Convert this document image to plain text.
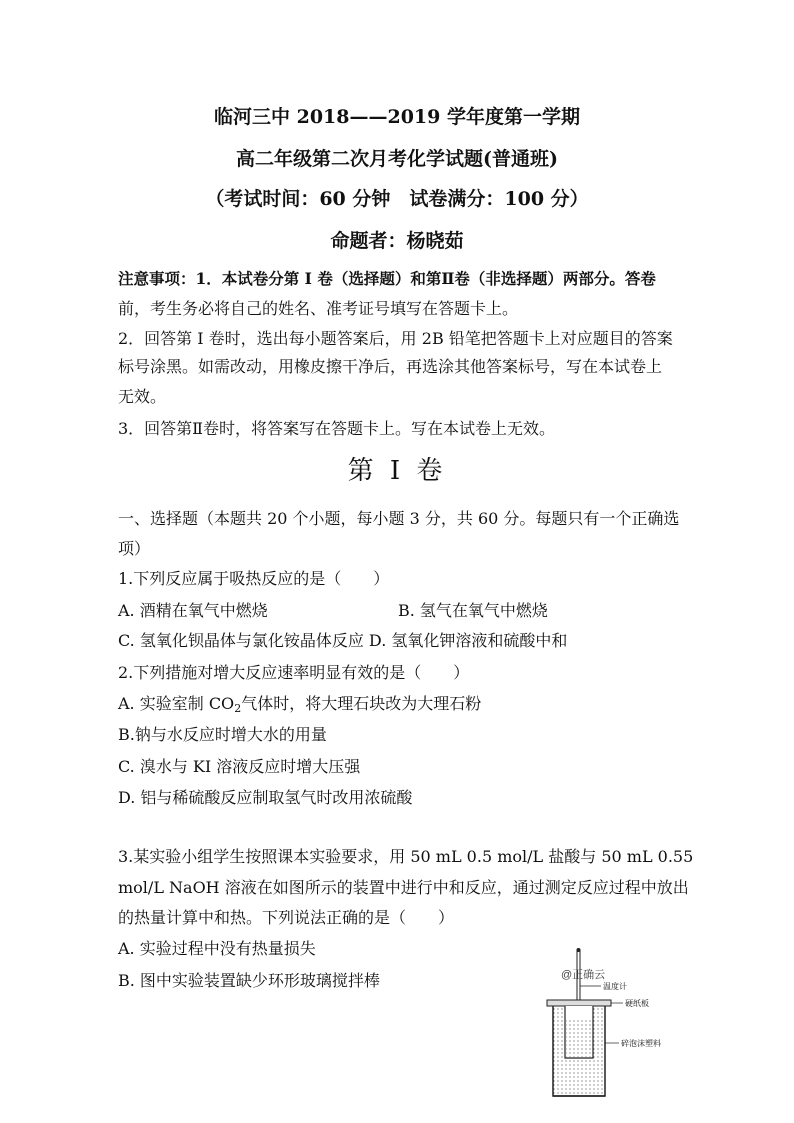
临河三中 2018——2019 学年度第一学期
高二年级第二次月考化学试题(普通班)
（考试时间：60 分钟　试卷满分：100 分）
命题者：杨晓茹
注意事项：1．本试卷分第 I 卷（选择题）和第Ⅱ卷（非选择题）两部分。答卷
前，考生务必将自己的姓名、准考证号填写在答题卡上。
2．回答第 I 卷时，选出每小题答案后，用 2B 铅笔把答题卡上对应题目的答案
标号涂黑。如需改动，用橡皮擦干净后，再选涂其他答案标号，写在本试卷上
无效。
3．回答第Ⅱ卷时，将答案写在答题卡上。写在本试卷上无效。
第 I 卷
一、选择题（本题共 20 个小题，每小题 3 分，共 60 分。每题只有一个正确选
项）
1.下列反应属于吸热反应的是（　　）
A. 酒精在氧气中燃烧	B. 氢气在氧气中燃烧
C. 氢氧化钡晶体与氯化铵晶体反应 D. 氢氧化钾溶液和硫酸中和
2.下列措施对增大反应速率明显有效的是（　　）
A. 实验室制 $CO_2$气体时，将大理石块改为大理石粉
B.钠与水反应时增大水的用量
C. 溴水与 KI 溶液反应时增大压强
D. 铝与稀硫酸反应制取氢气时改用浓硫酸
3.某实验小组学生按照课本实验要求，用 50 mL 0.5 mol/L 盐酸与 50 mL 0.55
mol/L NaOH 溶液在如图所示的装置中进行中和反应，通过测定反应过程中放出
的热量计算中和热。下列说法正确的是（　　）
A. 实验过程中没有热量损失
B. 图中实验装置缺少环形玻璃搅拌棒	@正确云
温度计
硬纸板
碎泡沫塑料
